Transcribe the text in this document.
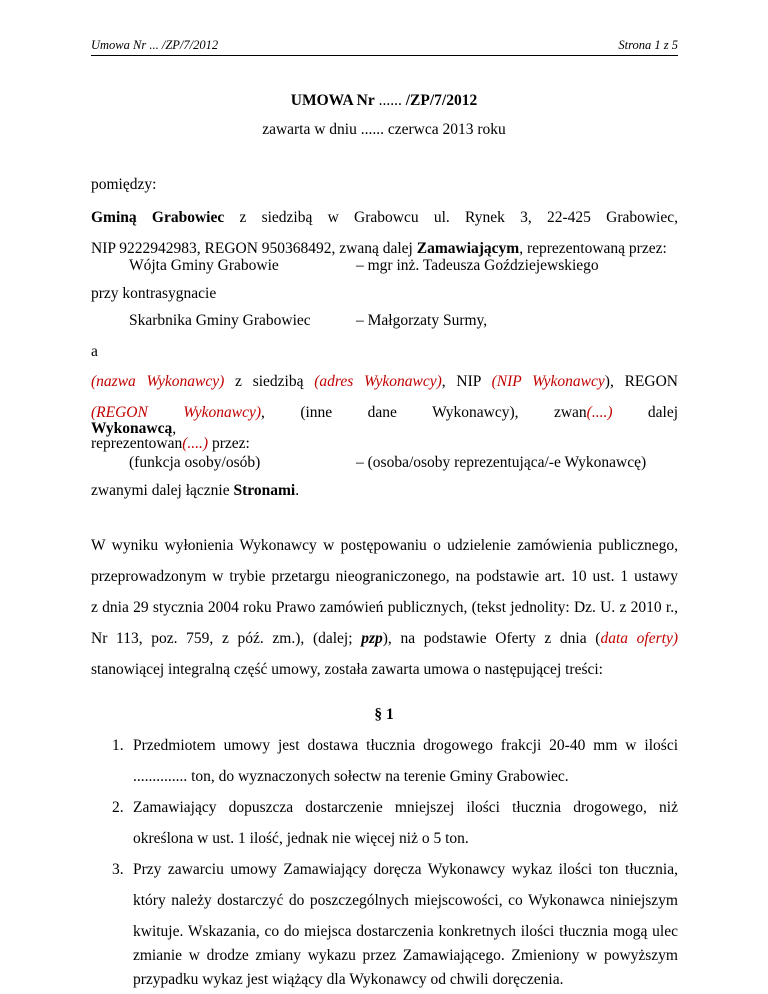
Umowa Nr ... /ZP/7/2012	Strona 1 z 5
UMOWA Nr ...... /ZP/7/2012
zawarta w dniu ...... czerwca 2013 roku
pomiędzy:
Gminą Grabowiec z siedzibą w Grabowcu ul. Rynek 3, 22-425 Grabowiec,
NIP 9222942983, REGON 950368492, zwaną dalej Zamawiającym, reprezentowaną przez:
Wójta Gminy Grabowie	– mgr inż. Tadeusza Goździejewskiego
przy kontrasygnacie
Skarbnika Gminy Grabowiec	– Małgorzaty Surmy,
a
(nazwa Wykonawcy) z siedzibą (adres Wykonawcy), NIP (NIP Wykonawcy), REGON
(REGON Wykonawcy), (inne dane Wykonawcy), zwan(....) dalej Wykonawcą,
reprezentowan(....) przez:
(funkcja osoby/osób)	– (osoba/osoby reprezentująca/-e Wykonawcę)
zwanymi dalej łącznie Stronami.
W wyniku wyłonienia Wykonawcy w postępowaniu o udzielenie zamówienia publicznego,
przeprowadzonym w trybie przetargu nieograniczonego, na podstawie art. 10 ust. 1 ustawy
z dnia 29 stycznia 2004 roku Prawo zamówień publicznych, (tekst jednolity: Dz. U. z 2010 r.,
Nr 113, poz. 759, z póź. zm.), (dalej; pzp), na podstawie Oferty z dnia (data oferty)
stanowiącej integralną część umowy, została zawarta umowa o następującej treści:
§ 1
1. Przedmiotem umowy jest dostawa tłucznia drogowego frakcji 20-40 mm w ilości
.............. ton, do wyznaczonych sołectw na terenie Gminy Grabowiec.
2. Zamawiający dopuszcza dostarczenie mniejszej ilości tłucznia drogowego, niż
określona w ust. 1 ilość, jednak nie więcej niż o 5 ton.
3. Przy zawarciu umowy Zamawiający doręcza Wykonawcy wykaz ilości ton tłucznia,
który należy dostarczyć do poszczególnych miejscowości, co Wykonawca niniejszym
kwituje. Wskazania, co do miejsca dostarczenia konkretnych ilości tłucznia mogą ulec
zmianie w drodze zmiany wykazu przez Zamawiającego. Zmieniony w powyższym
przypadku wykaz jest wiążący dla Wykonawcy od chwili doręczenia.
